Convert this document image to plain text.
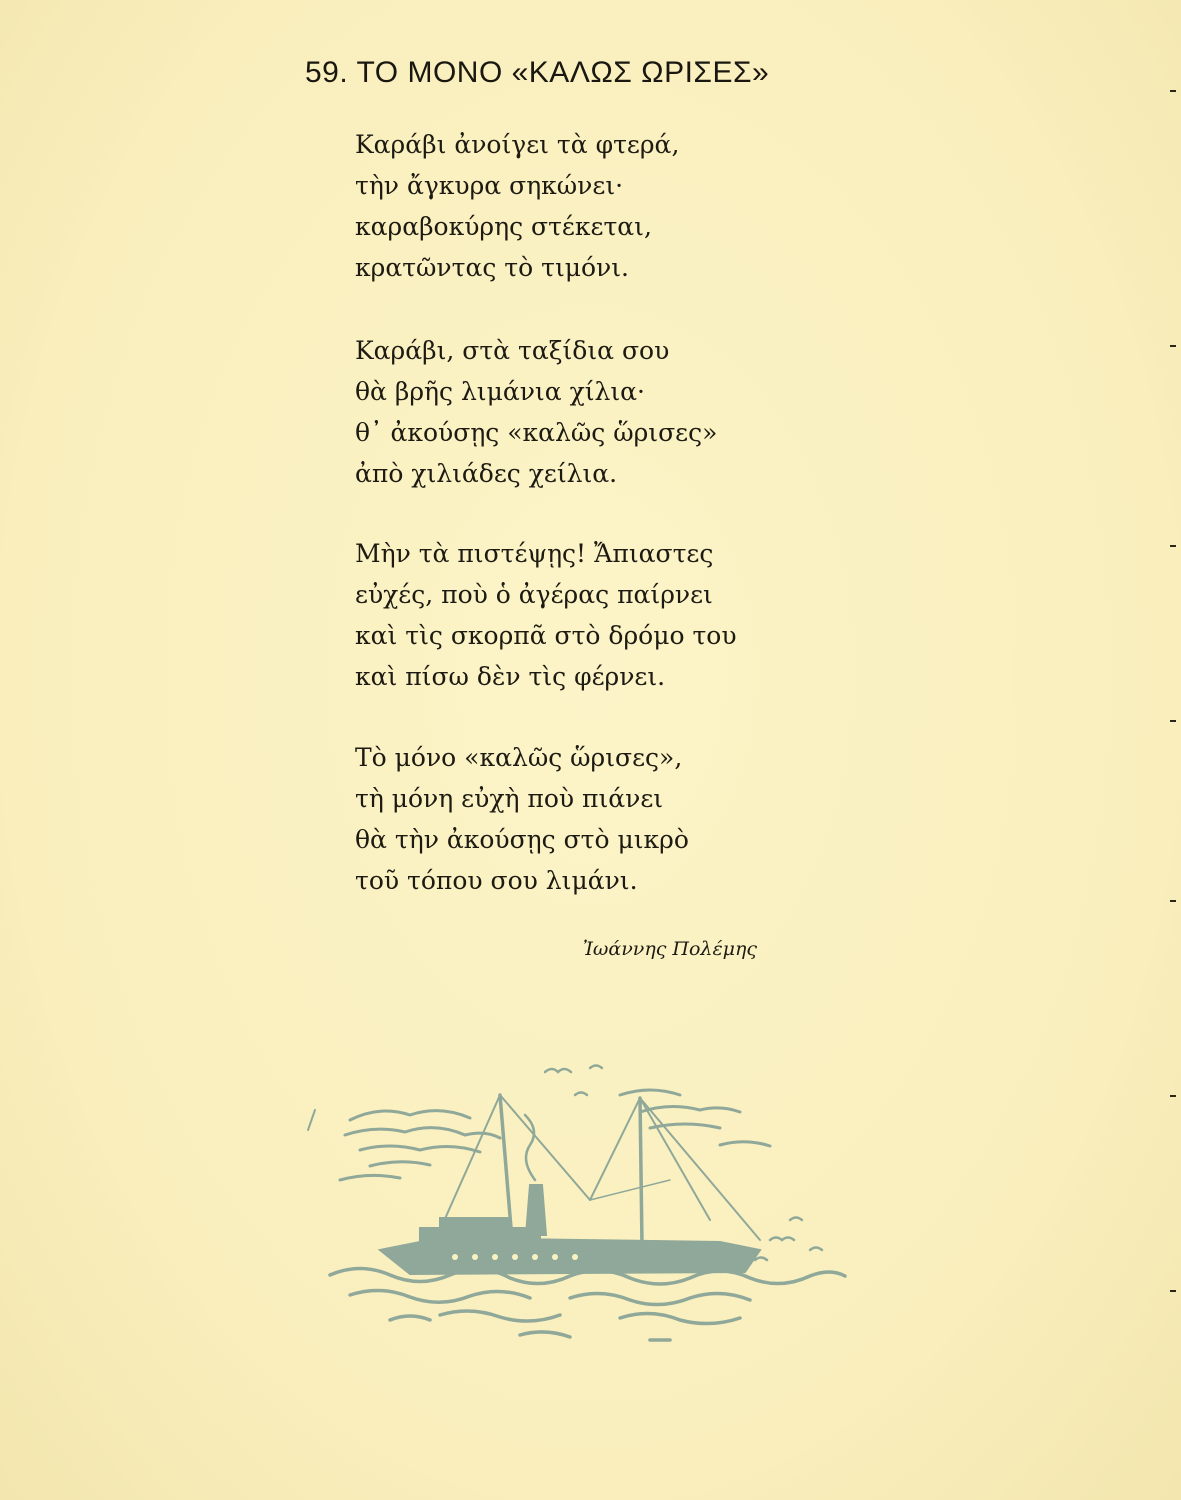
59. ΤΟ ΜΟΝΟ «ΚΑΛΩΣ ΩΡΙΣΕΣ»
Καράβι ἀνοίγει τὰ φτερά,
τὴν ἄγκυρα σηκώνει·
καραβοκύρης στέκεται,
κρατῶντας τὸ τιμόνι.
Καράβι, στὰ ταξίδια σου
θὰ βρῆς λιμάνια χίλια·
θ᾽ ἀκούσῃς «καλῶς ὥρισες»
ἀπὸ χιλιάδες χείλια.
Μὴν τὰ πιστέψῃς! Ἄπιαστες
εὐχές, ποὺ ὁ ἀγέρας παίρνει
καὶ τὶς σκορπᾶ στὸ δρόμο του
καὶ πίσω δὲν τὶς φέρνει.
Τὸ μόνο «καλῶς ὥρισες»,
τὴ μόνη εὐχὴ ποὺ πιάνει
θὰ τὴν ἀκούσῃς στὸ μικρὸ
τοῦ τόπου σου λιμάνι.
Ἰωάννης Πολέμης
